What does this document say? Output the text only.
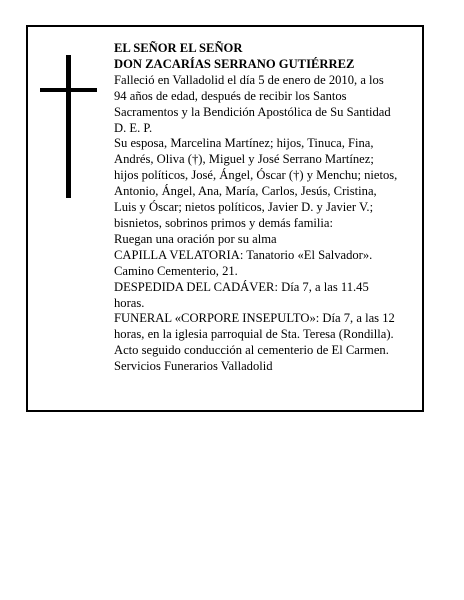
EL SEÑOR EL SEÑOR
DON ZACARÍAS SERRANO GUTIÉRREZ
Falleció en Valladolid el día 5 de enero de 2010, a los
94 años de edad, después de recibir los Santos
Sacramentos y la Bendición Apostólica de Su Santidad
D. E. P.
Su esposa, Marcelina Martínez; hijos, Tinuca, Fina,
Andrés, Oliva (†), Miguel y José Serrano Martínez;
hijos políticos, José, Ángel, Óscar (†) y Menchu; nietos,
Antonio, Ángel, Ana, María, Carlos, Jesús, Cristina,
Luis y Óscar; nietos políticos, Javier D. y Javier V.;
bisnietos, sobrinos primos y demás familia:
Ruegan una oración por su alma
CAPILLA VELATORIA: Tanatorio «El Salvador».
Camino Cementerio, 21.
DESPEDIDA DEL CADÁVER: Día 7, a las 11.45
horas.
FUNERAL «CORPORE INSEPULTO»: Día 7, a las 12
horas, en la iglesia parroquial de Sta. Teresa (Rondilla).
Acto seguido conducción al cementerio de El Carmen.
Servicios Funerarios Valladolid
